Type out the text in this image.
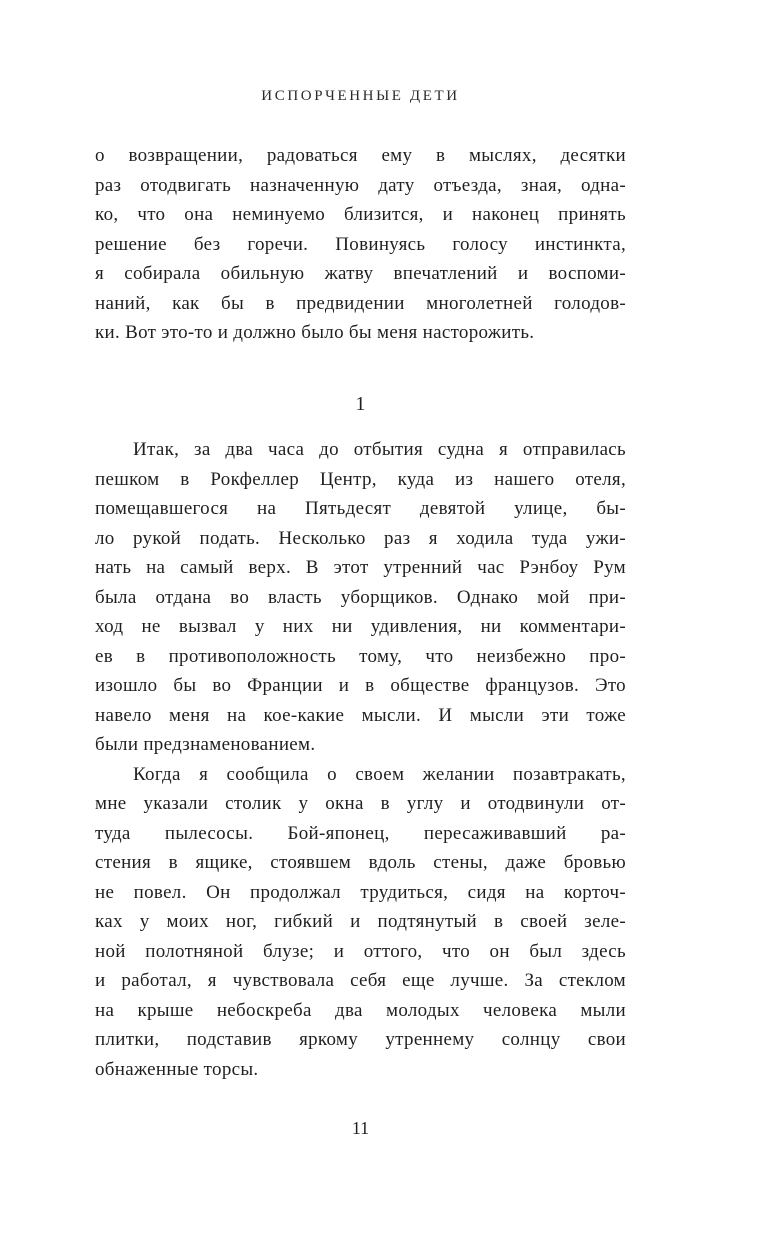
ИСПОРЧЕННЫЕ ДЕТИ
о возвращении, радоваться ему в мыслях, десятки
раз отодвигать назначенную дату отъезда, зная, одна-
ко, что она неминуемо близится, и наконец принять
решение без горечи. Повинуясь голосу инстинкта,
я собирала обильную жатву впечатлений и воспоми-
наний, как бы в предвидении многолетней голодов-
ки. Вот это-то и должно было бы меня насторожить.
1
Итак, за два часа до отбытия судна я отправилась
пешком в Рокфеллер Центр, куда из нашего отеля,
помещавшегося на Пятьдесят девятой улице, бы-
ло рукой подать. Несколько раз я ходила туда ужи-
нать на самый верх. В этот утренний час Рэнбоу Рум
была отдана во власть уборщиков. Однако мой при-
ход не вызвал у них ни удивления, ни комментари-
ев в противоположность тому, что неизбежно про-
изошло бы во Франции и в обществе французов. Это
навело меня на кое-какие мысли. И мысли эти тоже
были предзнаменованием.
Когда я сообщила о своем желании позавтракать,
мне указали столик у окна в углу и отодвинули от-
туда пылесосы. Бой-японец, пересаживавший ра-
стения в ящике, стоявшем вдоль стены, даже бровью
не повел. Он продолжал трудиться, сидя на корточ-
ках у моих ног, гибкий и подтянутый в своей зеле-
ной полотняной блузе; и оттого, что он был здесь
и работал, я чувствовала себя еще лучше. За стеклом
на крыше небоскреба два молодых человека мыли
плитки, подставив яркому утреннему солнцу свои
обнаженные торсы.
11
